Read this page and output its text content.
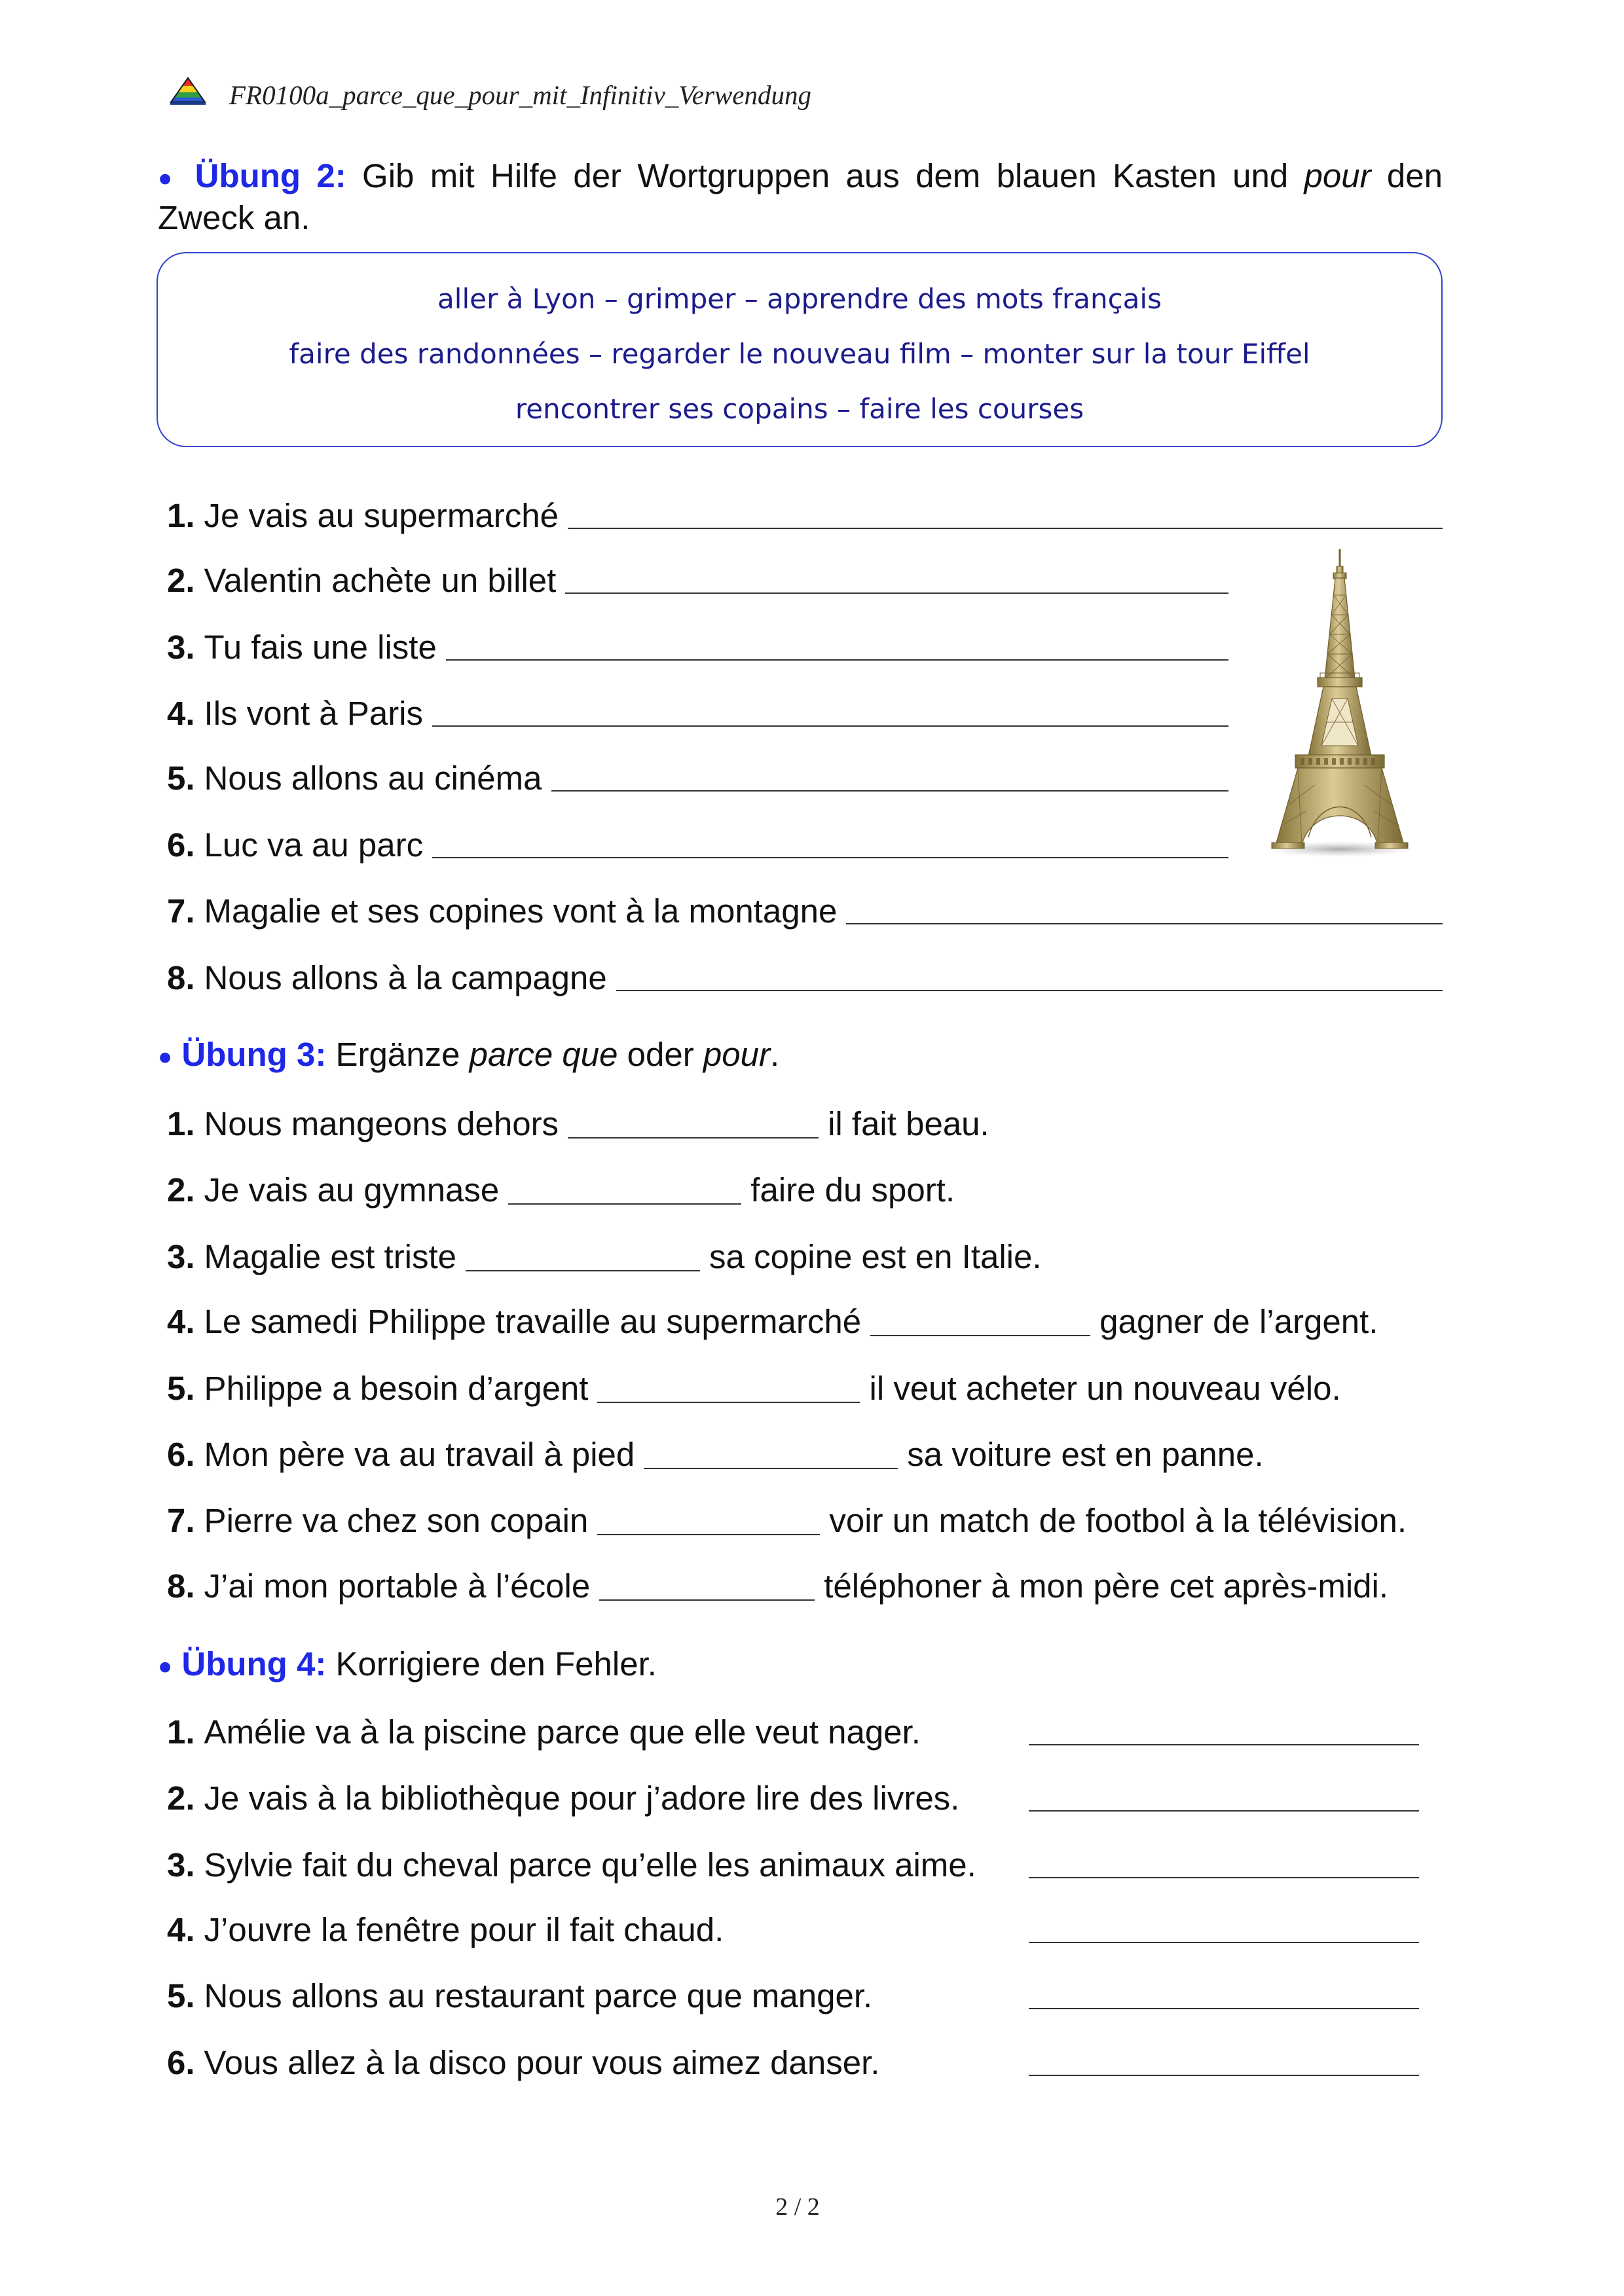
FR0100a_parce_que_pour_mit_Infinitiv_Verwendung
● Übung 2: Gib mit Hilfe der Wortgruppen aus dem blauen Kasten und pour den
Zweck an.
aller à Lyon – grimper – apprendre des mots français
faire des randonnées – regarder le nouveau film – monter sur la tour Eiffel
rencontrer ses copains – faire les courses
1. Je vais au supermarché
2. Valentin achète un billet
3. Tu fais une liste
4. Ils vont à Paris
5. Nous allons au cinéma
6. Luc va au parc
7. Magalie et ses copines vont à la montagne
8. Nous allons à la campagne
● Übung 3: Ergänze parce que oder pour.
1. Nous mangeons dehors	il fait beau.
2. Je vais au gymnase	faire du sport.
3. Magalie est triste	sa copine est en Italie.
4. Le samedi Philippe travaille au supermarché	gagner de l’argent.
5. Philippe a besoin d’argent	il veut acheter un nouveau vélo.
6. Mon père va au travail à pied	sa voiture est en panne.
7. Pierre va chez son copain	voir un match de footbol à la télévision.
8. J’ai mon portable à l’école	téléphoner à mon père cet après-midi.
● Übung 4: Korrigiere den Fehler.
1. Amélie va à la piscine parce que elle veut nager.
2. Je vais à la bibliothèque pour j’adore lire des livres.
3. Sylvie fait du cheval parce qu’elle les animaux aime.
4. J’ouvre la fenêtre pour il fait chaud.
5. Nous allons au restaurant parce que manger.
6. Vous allez à la disco pour vous aimez danser.
2 / 2
